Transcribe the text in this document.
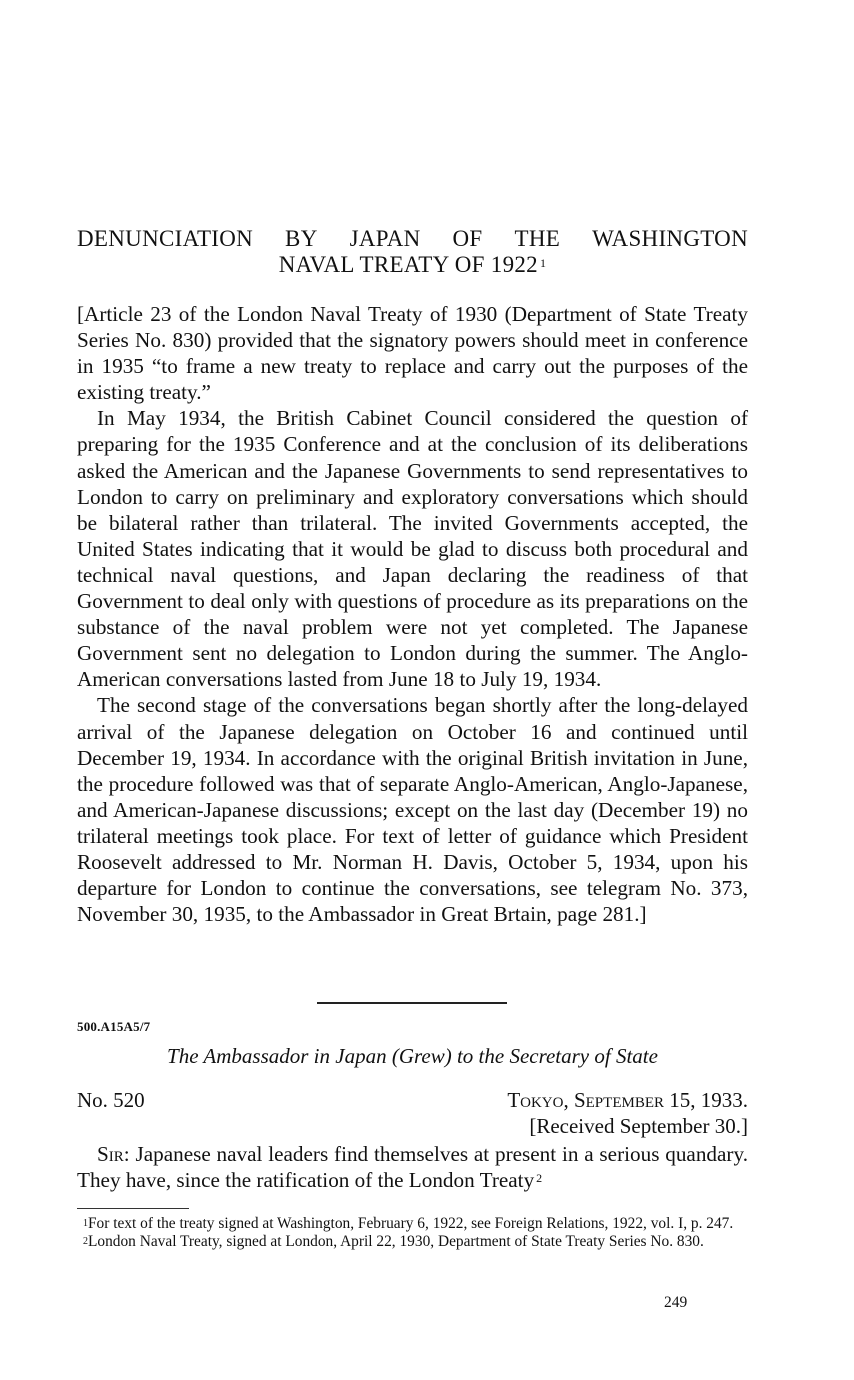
DENUNCIATION BY JAPAN OF THE WASHINGTON
NAVAL TREATY OF 1922 $^1$

[Article 23 of the London Naval Treaty of 1930 (Department of State Treaty Series No. 830) provided that the signatory powers should meet in conference in 1935 “to frame a new treaty to replace and carry out the purposes of the existing treaty.”

In May 1934, the British Cabinet Council considered the question of preparing for the 1935 Conference and at the conclusion of its deliberations asked the American and the Japanese Governments to send representatives to London to carry on preliminary and exploratory conversations which should be bilateral rather than trilateral. The invited Governments accepted, the United States indicating that it would be glad to discuss both procedural and technical naval questions, and Japan declaring the readiness of that Government to deal only with questions of procedure as its preparations on the substance of the naval problem were not yet completed. The Japanese Government sent no delegation to London during the summer. The Anglo-American conversations lasted from June 18 to July 19, 1934.

The second stage of the conversations began shortly after the long-delayed arrival of the Japanese delegation on October 16 and continued until December 19, 1934. In accordance with the original British invitation in June, the procedure followed was that of separate Anglo-American, Anglo-Japanese, and American-Japanese discussions; except on the last day (December 19) no trilateral meetings took place. For text of letter of guidance which President Roosevelt addressed to Mr. Norman H. Davis, October 5, 1934, upon his departure for London to continue the conversations, see telegram No. 373, November 30, 1935, to the Ambassador in Great Brtain, page 281.]

500.A15A5/7
The Ambassador in Japan (Grew) to the Secretary of State
No. 520	Tokyo, September 15, 1933.
[Received September 30.]

Sir: Japanese naval leaders find themselves at present in a serious quandary. They have, since the ratification of the London Treaty $^2$

$^1$For text of the treaty signed at Washington, February 6, 1922, see Foreign Relations, 1922, vol. I, p. 247.

$^2$London Naval Treaty, signed at London, April 22, 1930, Department of State Treaty Series No. 830.

249
